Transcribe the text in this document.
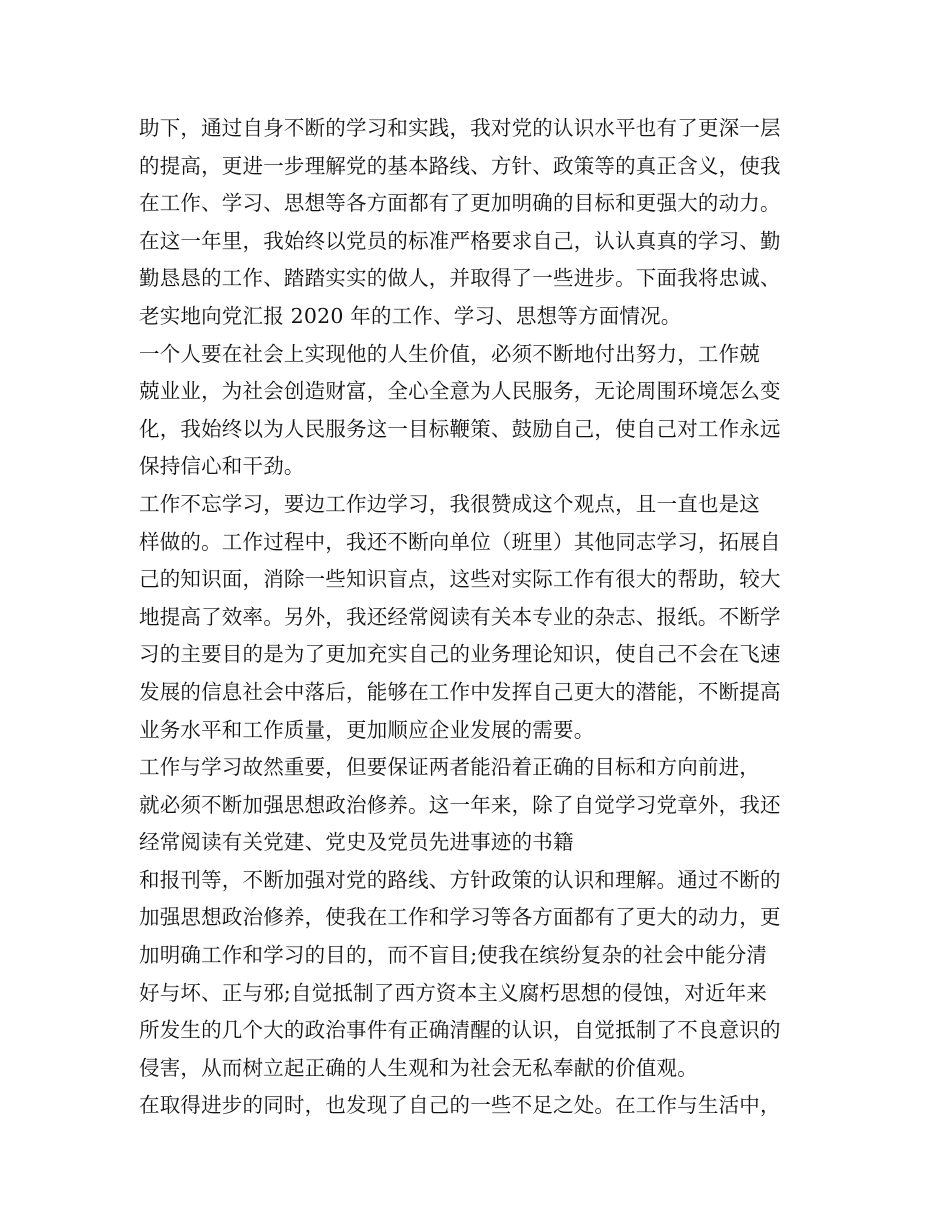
助下，通过自身不断的学习和实践，我对党的认识水平也有了更深一层
的提高，更进一步理解党的基本路线、方针、政策等的真正含义，使我
在工作、学习、思想等各方面都有了更加明确的目标和更强大的动力。
在这一年里，我始终以党员的标准严格要求自己，认认真真的学习、勤
勤恳恳的工作、踏踏实实的做人，并取得了一些进步。下面我将忠诚、
老实地向党汇报 2020 年的工作、学习、思想等方面情况。
一个人要在社会上实现他的人生价值，必须不断地付出努力，工作兢
兢业业，为社会创造财富，全心全意为人民服务，无论周围环境怎么变
化，我始终以为人民服务这一目标鞭策、鼓励自己，使自己对工作永远
保持信心和干劲。
工作不忘学习，要边工作边学习，我很赞成这个观点，且一直也是这
样做的。工作过程中，我还不断向单位（班里）其他同志学习，拓展自
己的知识面，消除一些知识盲点，这些对实际工作有很大的帮助，较大
地提高了效率。另外，我还经常阅读有关本专业的杂志、报纸。不断学
习的主要目的是为了更加充实自己的业务理论知识，使自己不会在飞速
发展的信息社会中落后，能够在工作中发挥自己更大的潜能，不断提高
业务水平和工作质量，更加顺应企业发展的需要。
工作与学习故然重要，但要保证两者能沿着正确的目标和方向前进，
就必须不断加强思想政治修养。这一年来，除了自觉学习党章外，我还
经常阅读有关党建、党史及党员先进事迹的书籍
和报刊等，不断加强对党的路线、方针政策的认识和理解。通过不断的
加强思想政治修养，使我在工作和学习等各方面都有了更大的动力，更
加明确工作和学习的目的，而不盲目;使我在缤纷复杂的社会中能分清
好与坏、正与邪;自觉抵制了西方资本主义腐朽思想的侵蚀，对近年来
所发生的几个大的政治事件有正确清醒的认识，自觉抵制了不良意识的
侵害，从而树立起正确的人生观和为社会无私奉献的价值观。
在取得进步的同时，也发现了自己的一些不足之处。在工作与生活中，
